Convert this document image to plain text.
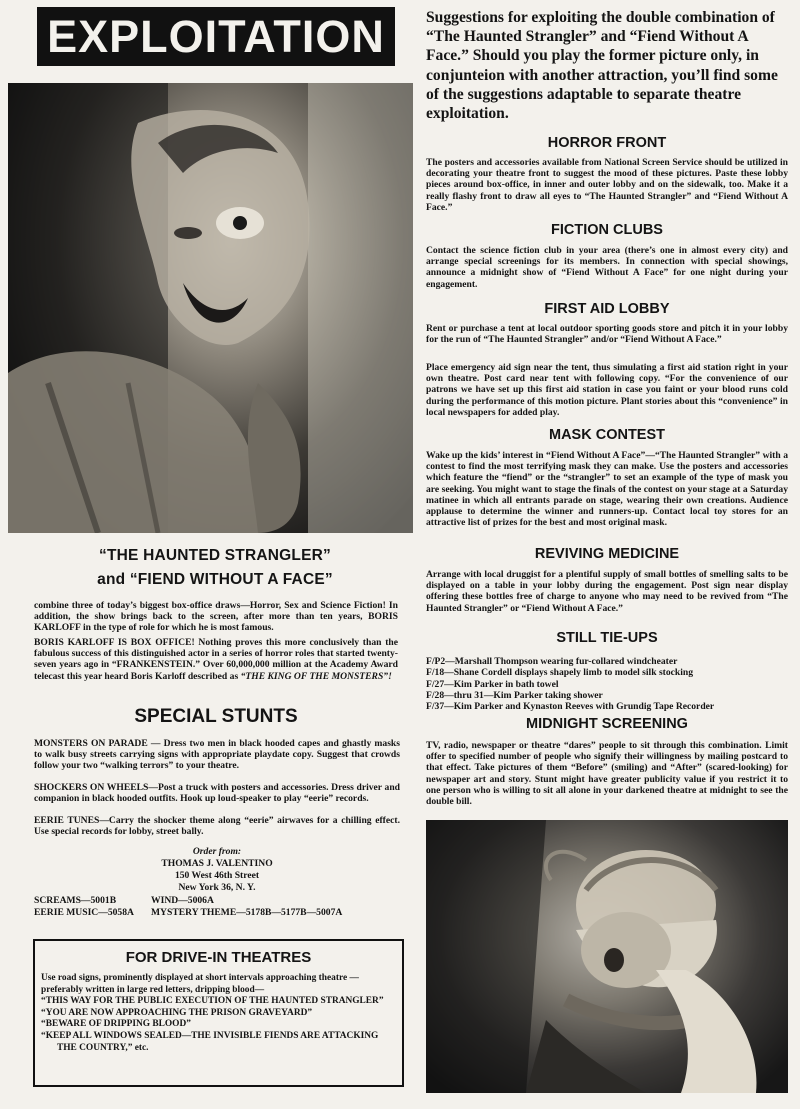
EXPLOITATION
“THE HAUNTED STRANGLER”
and “FIEND WITHOUT A FACE”

combine three of today’s biggest box-office draws—Horror, Sex and Science Fiction! In addition, the show brings back to the screen, after more than ten years, BORIS KARLOFF in the type of role for which he is most famous.

BORIS KARLOFF IS BOX OFFICE! Nothing proves this more conclusively than the fabulous success of this distinguished actor in a series of horror roles that started twenty-seven years ago in “FRANKENSTEIN.” Over 60,000,000 million at the Academy Award telecast this year heard Boris Karloff described as “THE KING OF THE MONSTERS”!

SPECIAL STUNTS

MONSTERS ON PARADE — Dress two men in black hooded capes and ghastly masks to walk busy streets carrying signs with appropriate playdate copy. Suggest that crowds follow your two “walking terrors” to your theatre.

SHOCKERS ON WHEELS—Post a truck with posters and accessories. Dress driver and companion in black hooded outfits. Hook up loud-speaker to play “eerie” records.

EERIE TUNES—Carry the shocker theme along “eerie” airwaves for a chilling effect. Use special records for lobby, street bally.

Order from:
THOMAS J. VALENTINO
150 West 46th Street
New York 36, N. Y.
SCREAMS—5001B	WIND—5006A
EERIE MUSIC—5058A	MYSTERY THEME—5178B—5177B—5007A
FOR DRIVE-IN THEATRES
Use road signs, prominently displayed at short intervals approaching theatre —preferably written in large red letters, dripping blood—
“THIS WAY FOR THE PUBLIC EXECUTION OF THE HAUNTED STRANGLER”
“YOU ARE NOW APPROACHING THE PRISON GRAVEYARD”
“BEWARE OF DRIPPING BLOOD”
“KEEP ALL WINDOWS SEALED—THE INVISIBLE FIENDS ARE ATTACKING THE COUNTRY,” etc.

Suggestions for exploiting the double combination of “The Haunted Strangler” and “Fiend Without A Face.” Should you play the former picture only, in conjunteion with another attraction, you’ll find some of the suggestions adaptable to separate theatre exploitation.

HORROR FRONT

The posters and accessories available from National Screen Service should be utilized in decorating your theatre front to suggest the mood of these pictures. Paste these lobby pieces around box-office, in inner and outer lobby and on the sidewalk, too. Make it a really flashy front to draw all eyes to “The Haunted Strangler” and “Fiend Without A Face.”

FICTION CLUBS

Contact the science fiction club in your area (there’s one in almost every city) and arrange special screenings for its members. In connection with special showings, announce a midnight show of “Fiend Without A Face” for one night during your engagement.

FIRST AID LOBBY

Rent or purchase a tent at local outdoor sporting goods store and pitch it in your lobby for the run of “The Haunted Strangler” and/or “Fiend Without A Face.”

Place emergency aid sign near the tent, thus simulating a first aid station right in your own theatre. Post card near tent with following copy. “For the convenience of our patrons we have set up this first aid station in case you faint or your blood runs cold during the performance of this motion picture. Plant stories about this “convenience” in local newspapers for added play.

MASK CONTEST

Wake up the kids’ interest in “Fiend Without A Face”—“The Haunted Strangler” with a contest to find the most terrifying mask they can make. Use the posters and accessories which feature the “fiend” or the “strangler” to set an example of the type of mask you are seeking. You might want to stage the finals of the contest on your stage at a Saturday matinee in which all entrants parade on stage, wearing their own creations. Audience applause to determine the winner and runners-up. Contact local toy stores for an attractive list of prizes for the best and most original mask.

REVIVING MEDICINE

Arrange with local druggist for a plentiful supply of small bottles of smelling salts to be displayed on a table in your lobby during the engagement. Post sign near display offering these bottles free of charge to anyone who may need to be revived from “The Haunted Strangler” or “Fiend Without A Face.”

STILL TIE-UPS
F/P2—Marshall Thompson wearing fur-collared windcheater
F/18—Shane Cordell displays shapely limb to model silk stocking
F/27—Kim Parker in bath towel
F/28—thru 31—Kim Parker taking shower
F/37—Kim Parker and Kynaston Reeves with Grundig Tape Recorder
MIDNIGHT SCREENING

TV, radio, newspaper or theatre “dares” people to sit through this combination. Limit offer to specified number of people who signify their willingness by mailing postcard to that effect. Take pictures of them “Before” (smiling) and “After” (scared-looking) for newspaper art and story. Stunt might have greater publicity value if you restrict it to one person who is willing to sit all alone in your darkened theatre at midnight to see the double bill.
